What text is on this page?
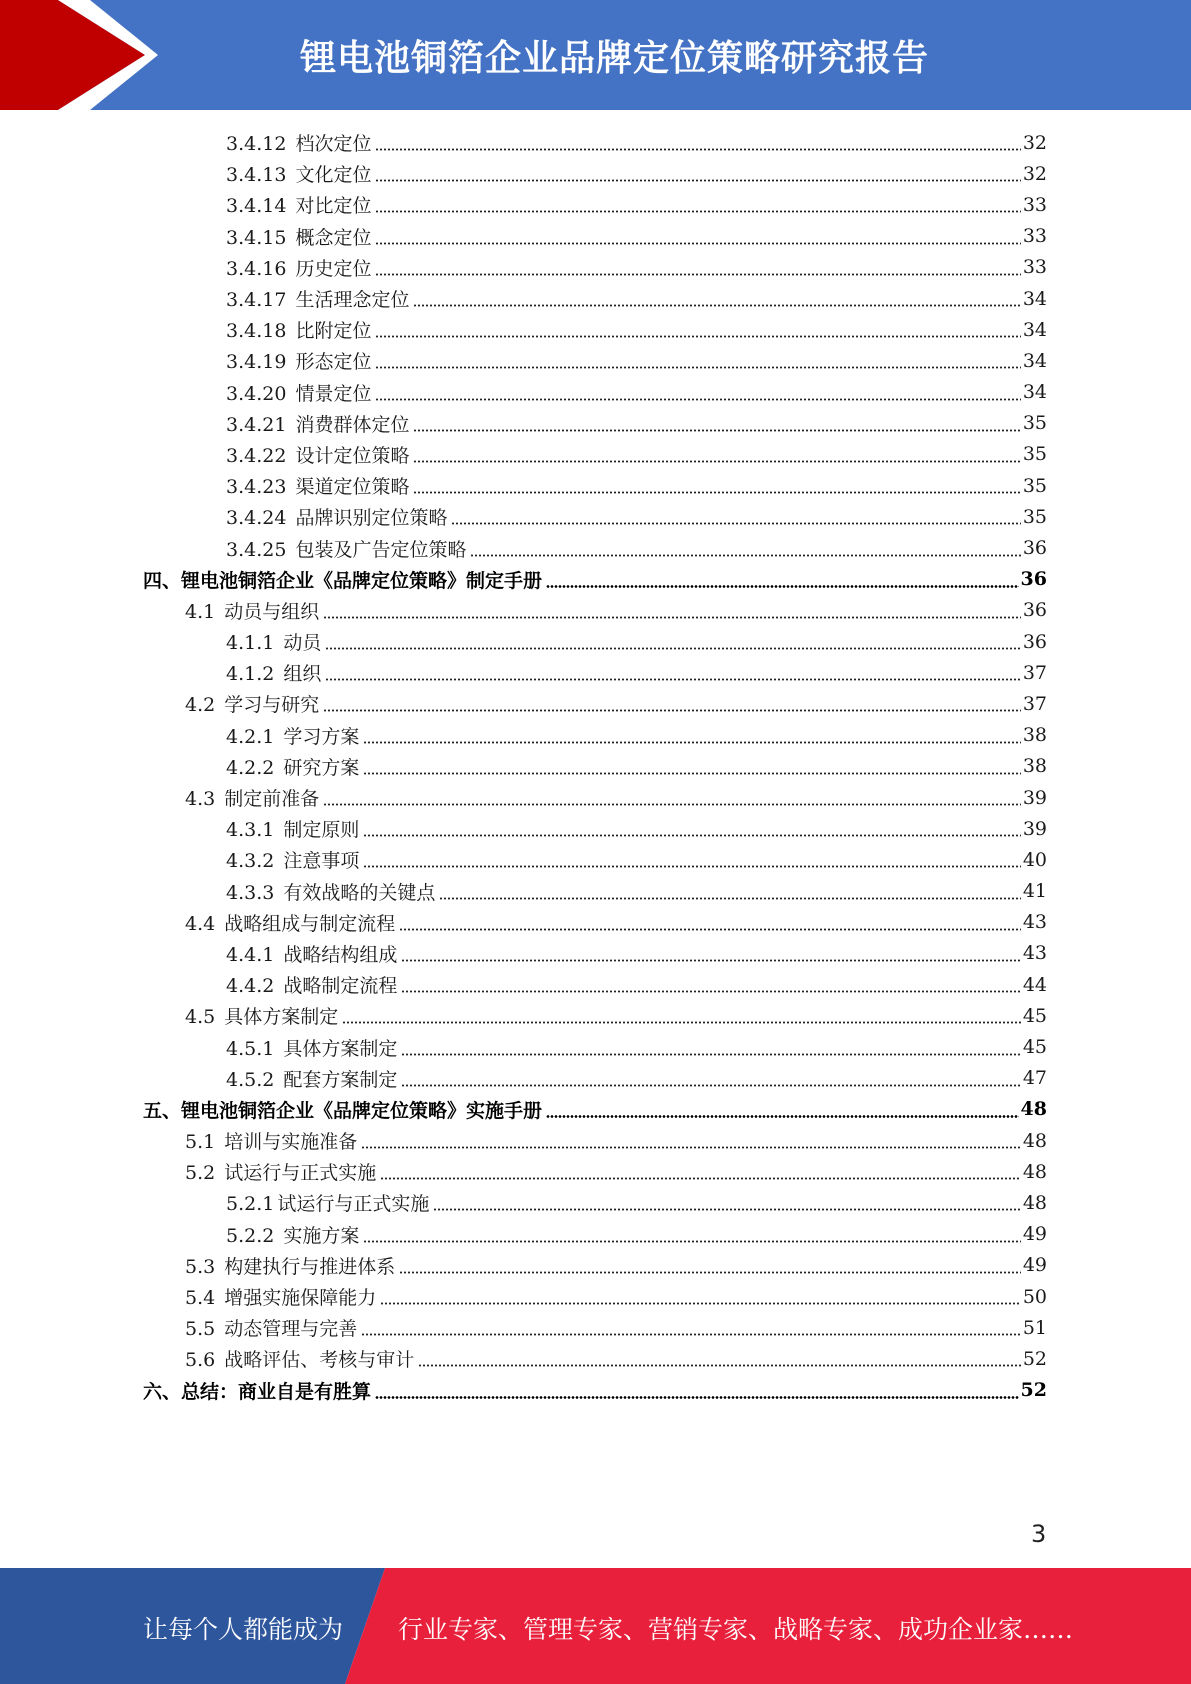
锂电池铜箔企业品牌定位策略研究报告
3.4.12 档次定位	32
3.4.13 文化定位	32
3.4.14 对比定位	33
3.4.15 概念定位	33
3.4.16 历史定位	33
3.4.17 生活理念定位	34
3.4.18 比附定位	34
3.4.19 形态定位	34
3.4.20 情景定位	34
3.4.21 消费群体定位	35
3.4.22 设计定位策略	35
3.4.23 渠道定位策略	35
3.4.24 品牌识别定位策略	35
3.4.25 包装及广告定位策略	36
四、锂电池铜箔企业《品牌定位策略》制定手册	36
4.1 动员与组织	36
4.1.1 动员	36
4.1.2 组织	37
4.2 学习与研究	37
4.2.1 学习方案	38
4.2.2 研究方案	38
4.3 制定前准备	39
4.3.1 制定原则	39
4.3.2 注意事项	40
4.3.3 有效战略的关键点	41
4.4 战略组成与制定流程	43
4.4.1 战略结构组成	43
4.4.2 战略制定流程	44
4.5 具体方案制定	45
4.5.1 具体方案制定	45
4.5.2 配套方案制定	47
五、锂电池铜箔企业《品牌定位策略》实施手册	48
5.1 培训与实施准备	48
5.2 试运行与正式实施	48
5.2.1 试运行与正式实施	48
5.2.2 实施方案	49
5.3 构建执行与推进体系	49
5.4 增强实施保障能力	50
5.5 动态管理与完善	51
5.6 战略评估、考核与审计	52
六、总结：商业自是有胜算	52
3
让每个人都能成为 行业专家、管理专家、营销专家、战略专家、成功企业家……
